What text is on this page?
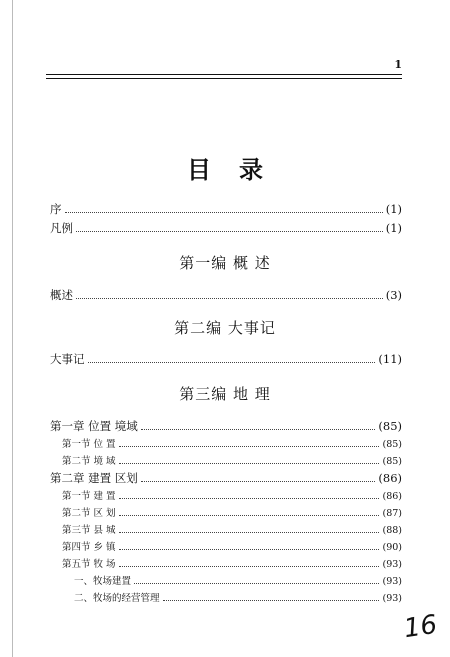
1
目录
序	(1)
凡例	(1)
第一编 概 述
概述	(3)
第二编 大事记
大事记	(11)
第三编 地 理
第一章 位置 境域	(85)
第一节 位 置	(85)
第二节 境 域	(85)
第二章 建置 区划	(86)
第一节 建 置	(86)
第二节 区 划	(87)
第三节 县 城	(88)
第四节 乡 镇	(90)
第五节 牧 场	(93)
一、牧场建置	(93)
二、牧场的经营管理	(93)
16
